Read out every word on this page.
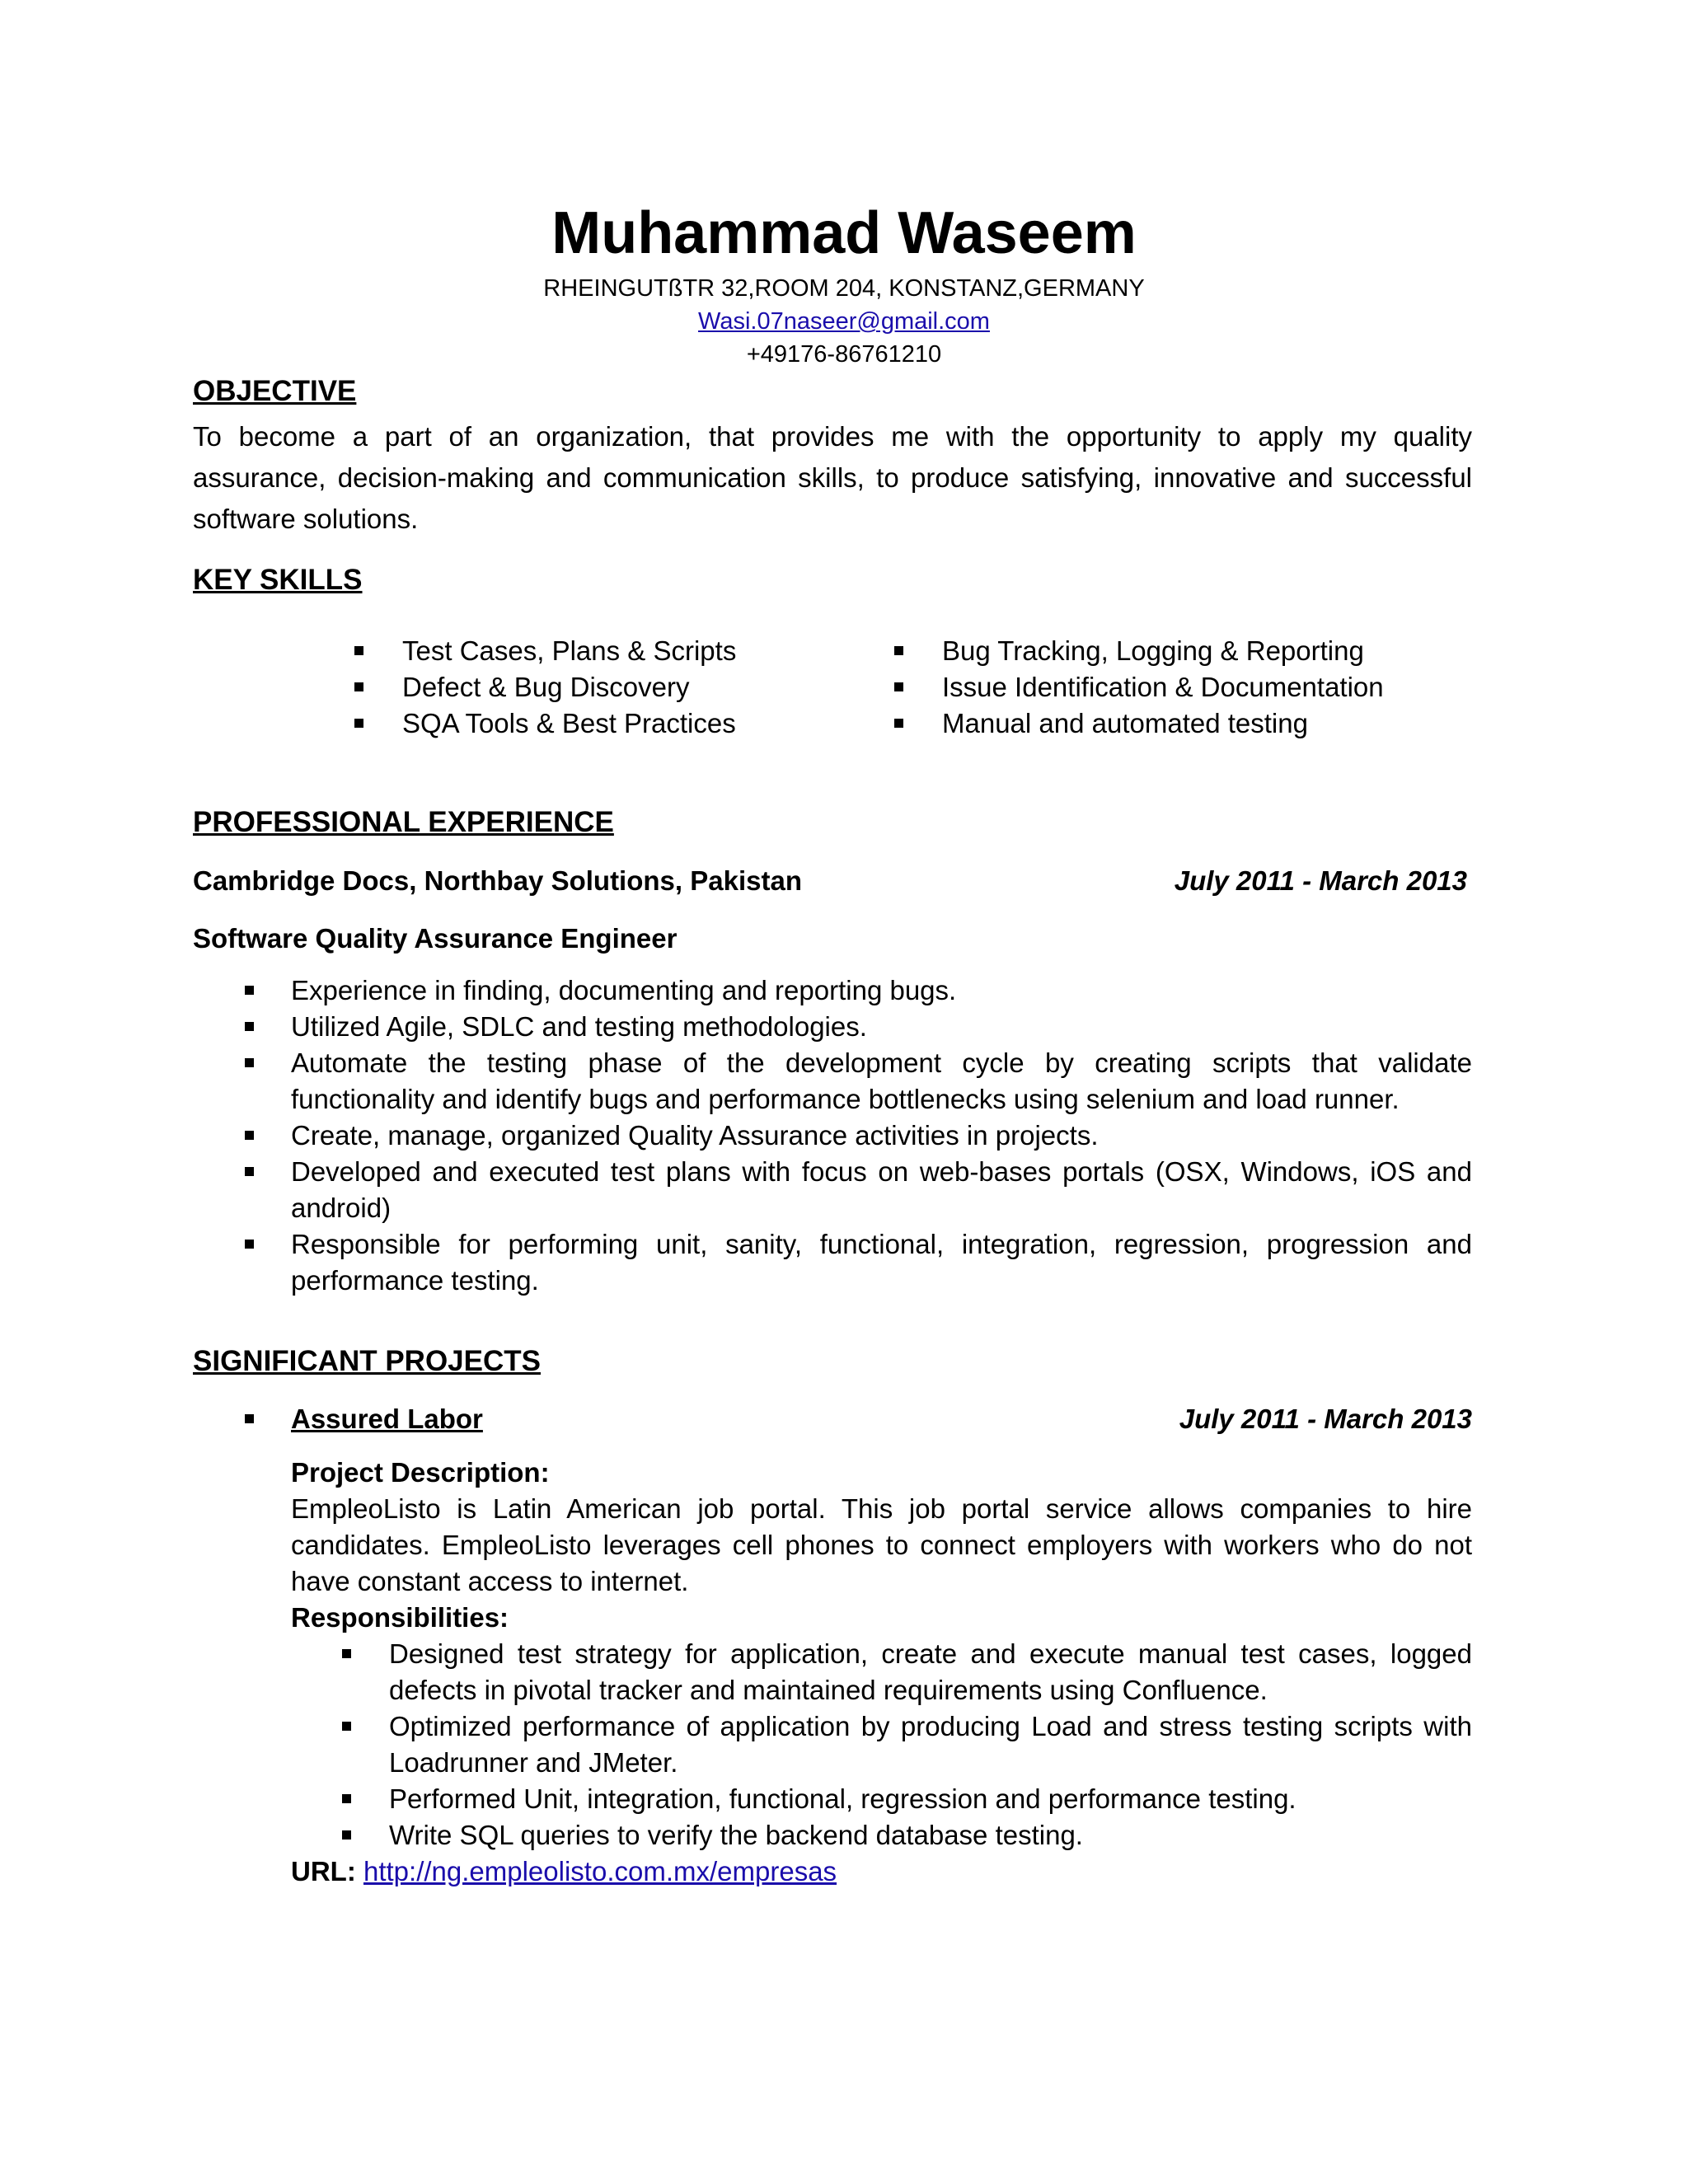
Muhammad Waseem
RHEINGUTßTR 32,ROOM 204, KONSTANZ,GERMANY
Wasi.07naseer@gmail.com
+49176-86761210
OBJECTIVE
To become a part of an organization, that provides me with the opportunity to apply my quality
assurance, decision-making and communication skills, to produce satisfying, innovative and successful
software solutions.
KEY SKILLS
Test Cases, Plans & Scripts
Defect & Bug Discovery
SQA Tools & Best Practices
Bug Tracking, Logging & Reporting
Issue Identification & Documentation
Manual and automated testing
PROFESSIONAL EXPERIENCE
Cambridge Docs, Northbay Solutions, Pakistan	July 2011 - March 2013
Software Quality Assurance Engineer
Experience in finding, documenting and reporting bugs.
Utilized Agile, SDLC and testing methodologies.
Automate the testing phase of the development cycle by creating scripts that validate
functionality and identify bugs and performance bottlenecks using selenium and load runner.
Create, manage, organized Quality Assurance activities in projects.
Developed and executed test plans with focus on web-bases portals (OSX, Windows, iOS and
android)
Responsible for performing unit, sanity, functional, integration, regression, progression and
performance testing.
SIGNIFICANT PROJECTS
Assured Labor	July 2011 - March 2013
Project Description:
EmpleoListo is Latin American job portal. This job portal service allows companies to hire
candidates. EmpleoListo leverages cell phones to connect employers with workers who do not
have constant access to internet.
Responsibilities:
Designed test strategy for application, create and execute manual test cases, logged
defects in pivotal tracker and maintained requirements using Confluence.
Optimized performance of application by producing Load and stress testing scripts with
Loadrunner and JMeter.
Performed Unit, integration, functional, regression and performance testing.
Write SQL queries to verify the backend database testing.
URL: http://ng.empleolisto.com.mx/empresas
